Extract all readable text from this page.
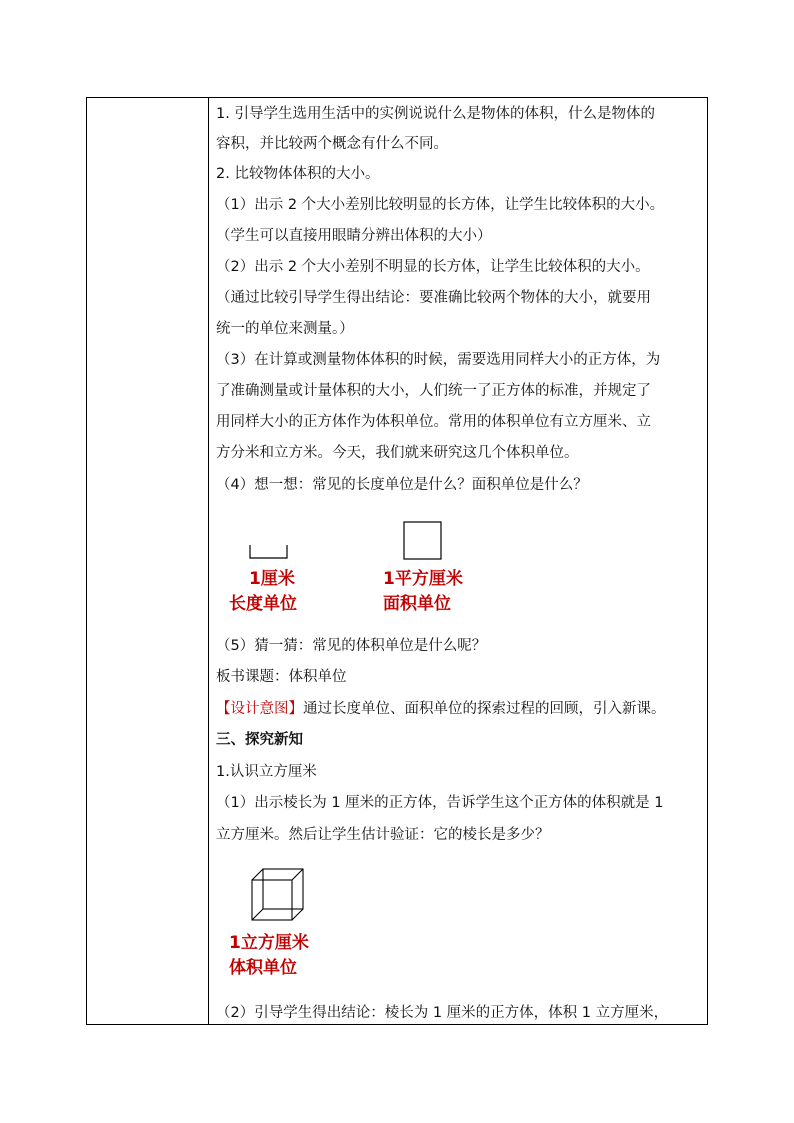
1. 引导学生选用生活中的实例说说什么是物体的体积，什么是物体的
容积，并比较两个概念有什么不同。
2. 比较物体体积的大小。
（1）出示 2 个大小差别比较明显的长方体，让学生比较体积的大小。
（学生可以直接用眼睛分辨出体积的大小）
（2）出示 2 个大小差别不明显的长方体，让学生比较体积的大小。
（通过比较引导学生得出结论：要准确比较两个物体的大小，就要用
统一的单位来测量。）
（3）在计算或测量物体体积的时候，需要选用同样大小的正方体，为
了准确测量或计量体积的大小，人们统一了正方体的标准，并规定了
用同样大小的正方体作为体积单位。常用的体积单位有立方厘米、立
方分米和立方米。今天，我们就来研究这几个体积单位。
（4）想一想：常见的长度单位是什么？面积单位是什么？
1厘米
长度单位
1平方厘米
面积单位
（5）猜一猜：常见的体积单位是什么呢？
板书课题：体积单位
【设计意图】通过长度单位、面积单位的探索过程的回顾，引入新课。
三、探究新知
1.认识立方厘米
（1）出示棱长为 1 厘米的正方体，告诉学生这个正方体的体积就是 1
立方厘米。然后让学生估计验证：它的棱长是多少？
1立方厘米
体积单位
（2）引导学生得出结论：棱长为 1 厘米的正方体，体积 1 立方厘米，
